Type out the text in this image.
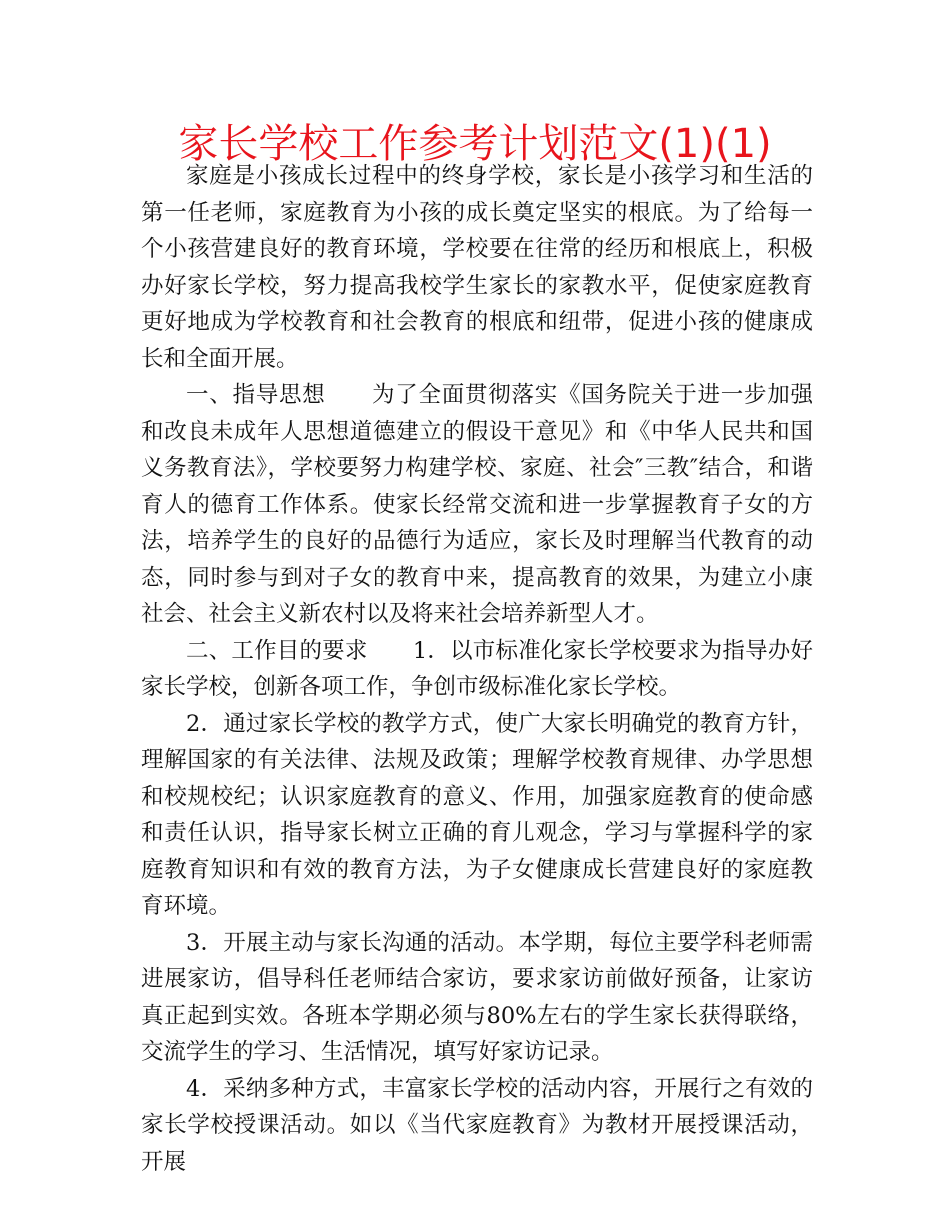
家长学校工作参考计划范文(1)(1)

家庭是小孩成长过程中的终身学校，家长是小孩学习和生活的第一任老师，家庭教育为小孩的成长奠定坚实的根底。为了给每一个小孩营建良好的教育环境，学校要在往常的经历和根底上，积极办好家长学校，努力提高我校学生家长的家教水平，促使家庭教育更好地成为学校教育和社会教育的根底和纽带，促进小孩的健康成长和全面开展。

一、指导思想　　为了全面贯彻落实《国务院关于进一步加强和改良未成年人思想道德建立的假设干意见》和《中华人民共和国义务教育法》，学校要努力构建学校、家庭、社会″三教″结合，和谐育人的德育工作体系。使家长经常交流和进一步掌握教育子女的方法，培养学生的良好的品德行为适应，家长及时理解当代教育的动态，同时参与到对子女的教育中来，提高教育的效果，为建立小康社会、社会主义新农村以及将来社会培养新型人才。

二、工作目的要求　　1．以市标准化家长学校要求为指导办好家长学校，创新各项工作，争创市级标准化家长学校。

2．通过家长学校的教学方式，使广大家长明确党的教育方针，理解国家的有关法律、法规及政策；理解学校教育规律、办学思想和校规校纪；认识家庭教育的意义、作用，加强家庭教育的使命感和责任认识，指导家长树立正确的育儿观念，学习与掌握科学的家庭教育知识和有效的教育方法，为子女健康成长营建良好的家庭教育环境。

3．开展主动与家长沟通的活动。本学期，每位主要学科老师需进展家访，倡导科任老师结合家访，要求家访前做好预备，让家访真正起到实效。各班本学期必须与80%左右的学生家长获得联络，交流学生的学习、生活情况，填写好家访记录。

4．采纳多种方式，丰富家长学校的活动内容，开展行之有效的家长学校授课活动。如以《当代家庭教育》为教材开展授课活动，开展
